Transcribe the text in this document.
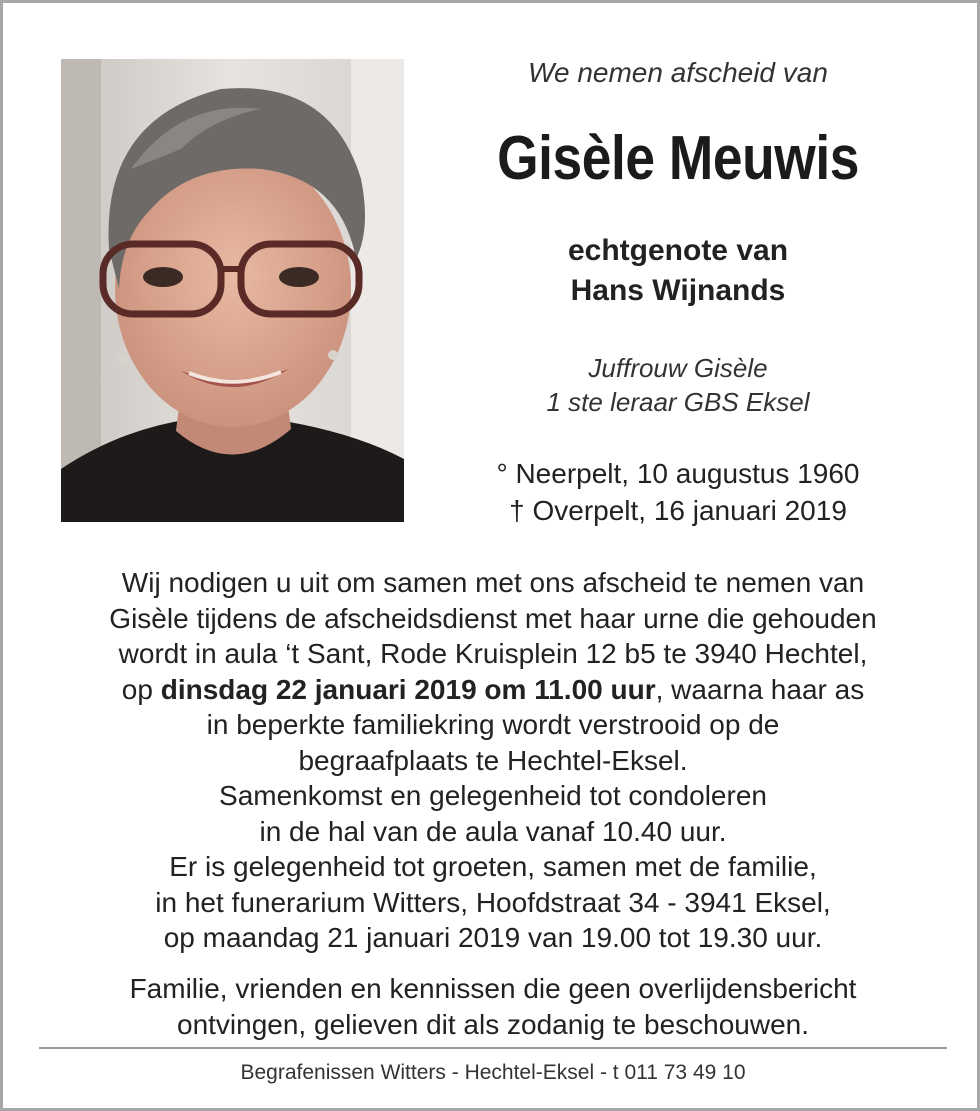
We nemen afscheid van
Gisèle Meuwis
echtgenote van
Hans Wijnands
Juffrouw Gisèle
1 ste leraar GBS Eksel
° Neerpelt, 10 augustus 1960
† Overpelt, 16 januari 2019
Wij nodigen u uit om samen met ons afscheid te nemen van
Gisèle tijdens de afscheidsdienst met haar urne die gehouden
wordt in aula ‘t Sant, Rode Kruisplein 12 b5 te 3940 Hechtel,
op dinsdag 22 januari 2019 om 11.00 uur, waarna haar as
in beperkte familiekring wordt verstrooid op de
begraafplaats te Hechtel-Eksel.
Samenkomst en gelegenheid tot condoleren
in de hal van de aula vanaf 10.40 uur.
Er is gelegenheid tot groeten, samen met de familie,
in het funerarium Witters, Hoofdstraat 34 - 3941 Eksel,
op maandag 21 januari 2019 van 19.00 tot 19.30 uur.
Familie, vrienden en kennissen die geen overlijdensbericht
ontvingen, gelieven dit als zodanig te beschouwen.
Begrafenissen Witters - Hechtel-Eksel - t 011 73 49 10
